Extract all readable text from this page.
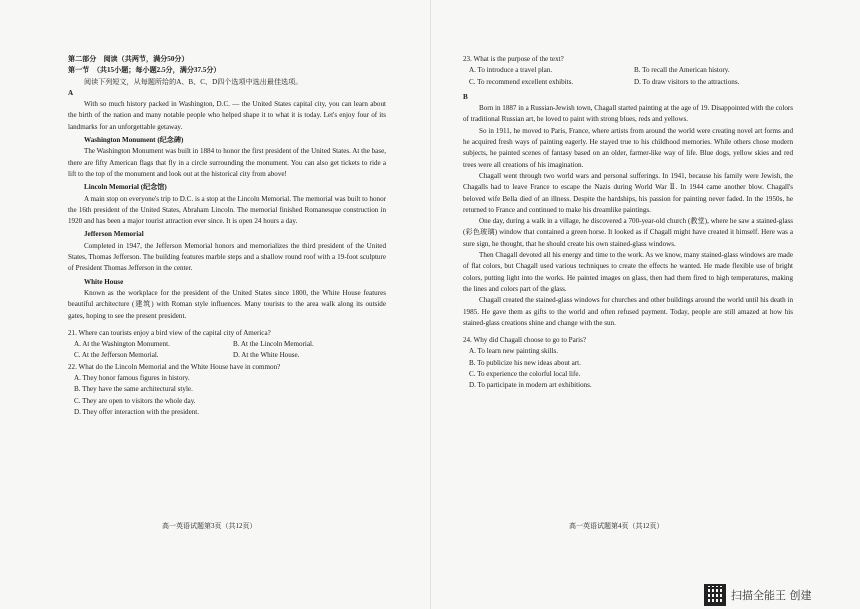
第二部分　阅读（共两节，满分50分）

第一节　（共15小题；每小题2.5分，满分37.5分）

阅读下列短文，从每题所给的A、B、C、D四个选项中选出最佳选项。

A

With so much history packed in Washington, D.C. — the United States capital city, you can learn about the birth of the nation and many notable people who helped shape it to what it is today. Let's enjoy four of its landmarks for an unforgettable getaway.

Washington Monument (纪念碑)

The Washington Monument was built in 1884 to honor the first president of the United States. At the base, there are fifty American flags that fly in a circle surrounding the monument. You can also get tickets to ride a lift to the top of the monument and look out at the historical city from above!

Lincoln Memorial (纪念馆)

A main stop on everyone's trip to D.C. is a stop at the Lincoln Memorial. The memorial was built to honor the 16th president of the United States, Abraham Lincoln. The memorial finished Romanesque construction in 1920 and has been a major tourist attraction ever since. It is open 24 hours a day.

Jefferson Memorial

Completed in 1947, the Jefferson Memorial honors and memorializes the third president of the United States, Thomas Jefferson. The building features marble steps and a shallow round roof with a 19-foot sculpture of President Thomas Jefferson in the center.

White House

Known as the workplace for the president of the United States since 1800, the White House features beautiful architecture (建筑) with Roman style influences. Many tourists to the area walk along its outside gates, hoping to see the present president.

21. Where can tourists enjoy a bird view of the capital city of America?

A. At the Washington Monument.	B. At the Lincoln Memorial.
C. At the Jefferson Memorial.	D. At the White House.

22. What do the Lincoln Memorial and the White House have in common?

A. They honor famous figures in history.

B. They have the same architectural style.

C. They are open to visitors the whole day.

D. They offer interaction with the president.

高一英语试题第3页（共12页）

23. What is the purpose of the text?

A. To introduce a travel plan.	B. To recall the American history.
C. To recommend excellent exhibits.	D. To draw visitors to the attractions.

B

Born in 1887 in a Russian-Jewish town, Chagall started painting at the age of 19. Disappointed with the colors of traditional Russian art, he loved to paint with strong blues, reds and yellows.

So in 1911, he moved to Paris, France, where artists from around the world were creating novel art forms and he acquired fresh ways of painting eagerly. He stayed true to his childhood memories. While others chose modern subjects, he painted scenes of fantasy based on an older, farmer-like way of life. Blue dogs, yellow skies and red trees were all creations of his imagination.

Chagall went through two world wars and personal sufferings. In 1941, because his family were Jewish, the Chagalls had to leave France to escape the Nazis during World War Ⅱ. In 1944 came another blow. Chagall's beloved wife Bella died of an illness. Despite the hardships, his passion for painting never faded. In the 1950s, he returned to France and continued to make his dreamlike paintings.

One day, during a walk in a village, he discovered a 700-year-old church (教堂), where he saw a stained-glass (彩色玻璃) window that contained a green horse. It looked as if Chagall might have created it himself. Here was a sure sign, he thought, that he should create his own stained-glass windows.

Then Chagall devoted all his energy and time to the work. As we know, many stained-glass windows are made of flat colors, but Chagall used various techniques to create the effects he wanted. He made flexible use of bright colors, putting light into the works. He painted images on glass, then had them fired to high temperatures, making the lines and colors part of the glass.

Chagall created the stained-glass windows for churches and other buildings around the world until his death in 1985. He gave them as gifts to the world and often refused payment. Today, people are still amazed at how his stained-glass creations shine and change with the sun.

24. Why did Chagall choose to go to Paris?

A. To learn new painting skills.

B. To publicize his new ideas about art.

C. To experience the colorful local life.

D. To participate in modern art exhibitions.

高一英语试题第4页（共12页）
扫描全能王 创建
